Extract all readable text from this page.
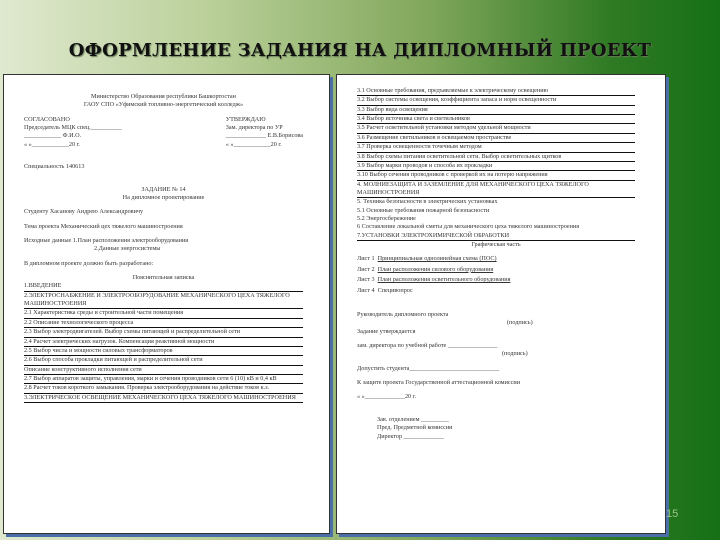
ОФОРМЛЕНИЕ ЗАДАНИЯ НА ДИПЛОМНЫЙ ПРОЕКТ
Министерство Образования республики Башкортостан
ГАОУ СПО «Уфимский топливно-энергетический колледж»
СОГЛАСОВАНО
Председатель МЦК спец.__________
____________ Ф.И.О.
« »____________20 г.
УТВЕРЖДАЮ
Зам. директора по УР
_____________ Е.В.Борисова
« »____________20 г.
Специальность 140613
ЗАДАНИЕ № 14
На дипломное проектирование
Студенту Хасанову Андрею Александровичу
Тема проекта Механический цех тяжелого машиностроения
Исходные данные 1.План расположения электрооборудования
2.Данные энергосистемы
В дипломном проекте должно быть разработано:
Пояснительная записка
1.ВВЕДЕНИЕ
2.ЭЛЕКТРОСНАБЖЕНИЕ И ЭЛЕКТРООБОРУДОВАНИЕ МЕХАНИЧЕСКОГО ЦЕХА ТЯЖЕЛОГО МАШИНОСТРОЕНИЯ
2.1 Характеристика среды и строительной части помещения
2.2 Описание технологического процесса
2.3 Выбор электродвигателей. Выбор схемы питающей и распределительной сети
2.4 Расчет электрических нагрузок. Компенсация реактивной мощности
2.5 Выбор числа и мощности силовых трансформаторов
2.6 Выбор способа прокладки питающей и распределительной сети
Описание конструктивного исполнения сети
2.7 Выбор аппаратов защиты, управления, марки и сечения проводников сети 6 (10) кВ и 0,4 кВ
2.8 Расчет токов короткого замыкания. Проверка электрооборудования на действие токов к.з.
3.ЭЛЕКТРИЧЕСКОЕ ОСВЕЩЕНИЕ МЕХАНИЧЕСКОГО ЦЕХА ТЯЖЕЛОГО МАШИНОСТРОЕНИЯ
3.1 Основные требования, предъявляемые к электрическому освещению
3.2 Выбор системы освещения, коэффициента запаса и норм освещенности
3.3 Выбор вида освещения
3.4 Выбор источника света и светильников
3.5 Расчет осветительной установки методом удельной мощности
3.6 Размещение светильников в освещаемом пространстве
3.7 Проверка освещенности точечным методом
3.8 Выбор схемы питания осветительной сети. Выбор осветительных щитков
3.9 Выбор марки проводов и способа их прокладки
3.10 Выбор сечения проводников с проверкой их на потерю напряжения
4. МОЛНИЕЗАЩИТА И ЗАЗЕМЛЕНИЕ ДЛЯ МЕХАНИЧЕСКОГО ЦЕХА ТЯЖЕЛОГО МАШИНОСТРОЕНИЯ
5. Техника безопасности в электрических установках
5.1 Основные требования пожарной безопасности
5.2 Энергосбережение
6 Составление локальной сметы для механического цеха тяжелого машиностроения
7.УСТАНОВКИ ЭЛЕКТРОХИМИЧЕСКОЙ ОБРАБОТКИ
Графическая часть
Лист 1 Принципиальная однолинейная схема (ПОС)
Лист 2 План расположения силового оборудования
Лист 3 План расположения осветительного оборудования
Лист 4 Специвопрос
Руководитель дипломного проекта
(подпись)
Задание утверждается
зам. директора по учебной работе ________________
(подпись)
Допустить студента_____________________________
К защите проекта Государственной аттестационной комиссии
« »_____________20 г.
Зав. отделением _________
Пред. Предметной комиссии
Директор _____________
15
